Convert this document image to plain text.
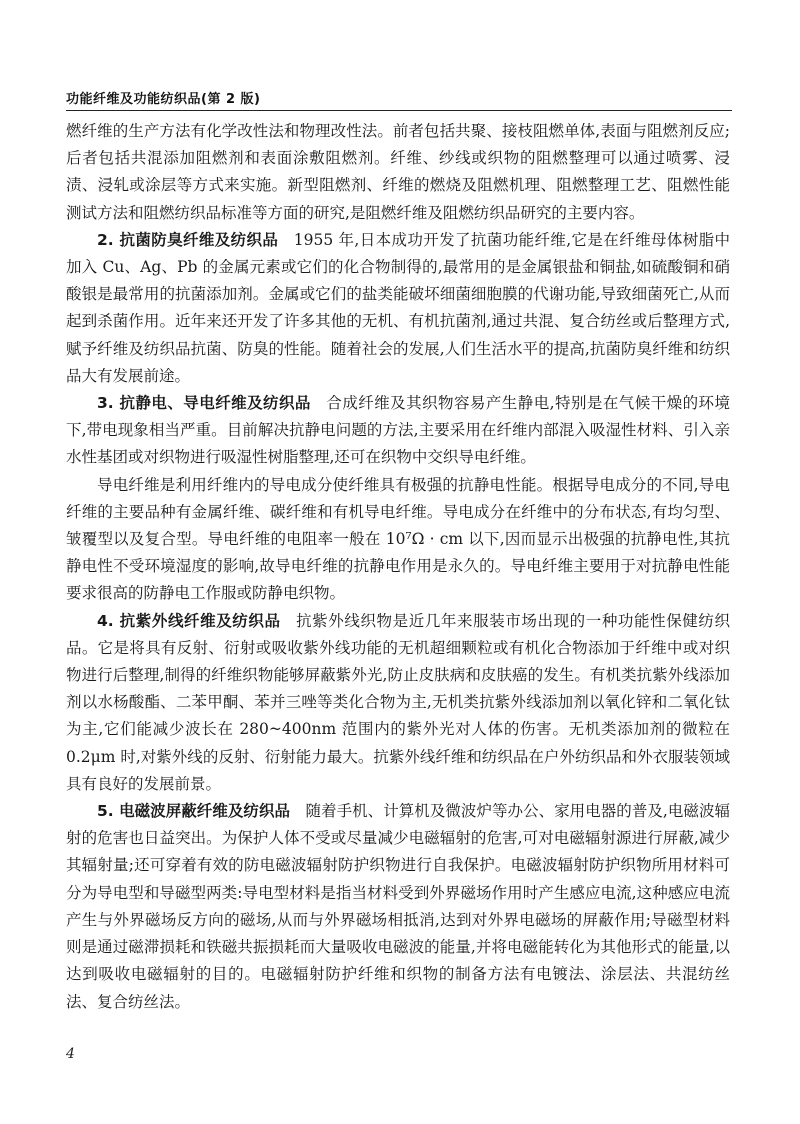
功能纤维及功能纺织品(第 2 版)

燃纤维的生产方法有化学改性法和物理改性法。前者包括共聚、接枝阻燃单体,表面与阻燃剂反应;后者包括共混添加阻燃剂和表面涂敷阻燃剂。纤维、纱线或织物的阻燃整理可以通过喷雾、浸渍、浸轧或涂层等方式来实施。新型阻燃剂、纤维的燃烧及阻燃机理、阻燃整理工艺、阻燃性能测试方法和阻燃纺织品标准等方面的研究,是阻燃纤维及阻燃纺织品研究的主要内容。

2. 抗菌防臭纤维及纺织品 1955 年,日本成功开发了抗菌功能纤维,它是在纤维母体树脂中加入 Cu、Ag、Pb 的金属元素或它们的化合物制得的,最常用的是金属银盐和铜盐,如硫酸铜和硝酸银是最常用的抗菌添加剂。金属或它们的盐类能破坏细菌细胞膜的代谢功能,导致细菌死亡,从而起到杀菌作用。近年来还开发了许多其他的无机、有机抗菌剂,通过共混、复合纺丝或后整理方式,赋予纤维及纺织品抗菌、防臭的性能。随着社会的发展,人们生活水平的提高,抗菌防臭纤维和纺织品大有发展前途。

3. 抗静电、导电纤维及纺织品 合成纤维及其织物容易产生静电,特别是在气候干燥的环境下,带电现象相当严重。目前解决抗静电问题的方法,主要采用在纤维内部混入吸湿性材料、引入亲水性基团或对织物进行吸湿性树脂整理,还可在织物中交织导电纤维。

导电纤维是利用纤维内的导电成分使纤维具有极强的抗静电性能。根据导电成分的不同,导电纤维的主要品种有金属纤维、碳纤维和有机导电纤维。导电成分在纤维中的分布状态,有均匀型、皱覆型以及复合型。导电纤维的电阻率一般在 10⁷Ω · cm 以下,因而显示出极强的抗静电性,其抗静电性不受环境湿度的影响,故导电纤维的抗静电作用是永久的。导电纤维主要用于对抗静电性能要求很高的防静电工作服或防静电织物。

4. 抗紫外线纤维及纺织品 抗紫外线织物是近几年来服装市场出现的一种功能性保健纺织品。它是将具有反射、衍射或吸收紫外线功能的无机超细颗粒或有机化合物添加于纤维中或对织物进行后整理,制得的纤维织物能够屏蔽紫外光,防止皮肤病和皮肤癌的发生。有机类抗紫外线添加剂以水杨酸酯、二苯甲酮、苯并三唑等类化合物为主,无机类抗紫外线添加剂以氧化锌和二氧化钛为主,它们能减少波长在 280~400nm 范围内的紫外光对人体的伤害。无机类添加剂的微粒在 0.2μm 时,对紫外线的反射、衍射能力最大。抗紫外线纤维和纺织品在户外纺织品和外衣服装领域具有良好的发展前景。

5. 电磁波屏蔽纤维及纺织品 随着手机、计算机及微波炉等办公、家用电器的普及,电磁波辐射的危害也日益突出。为保护人体不受或尽量减少电磁辐射的危害,可对电磁辐射源进行屏蔽,减少其辐射量;还可穿着有效的防电磁波辐射防护织物进行自我保护。电磁波辐射防护织物所用材料可分为导电型和导磁型两类:导电型材料是指当材料受到外界磁场作用时产生感应电流,这种感应电流产生与外界磁场反方向的磁场,从而与外界磁场相抵消,达到对外界电磁场的屏蔽作用;导磁型材料则是通过磁滞损耗和铁磁共振损耗而大量吸收电磁波的能量,并将电磁能转化为其他形式的能量,以达到吸收电磁辐射的目的。电磁辐射防护纤维和织物的制备方法有电镀法、涂层法、共混纺丝法、复合纺丝法。

4
